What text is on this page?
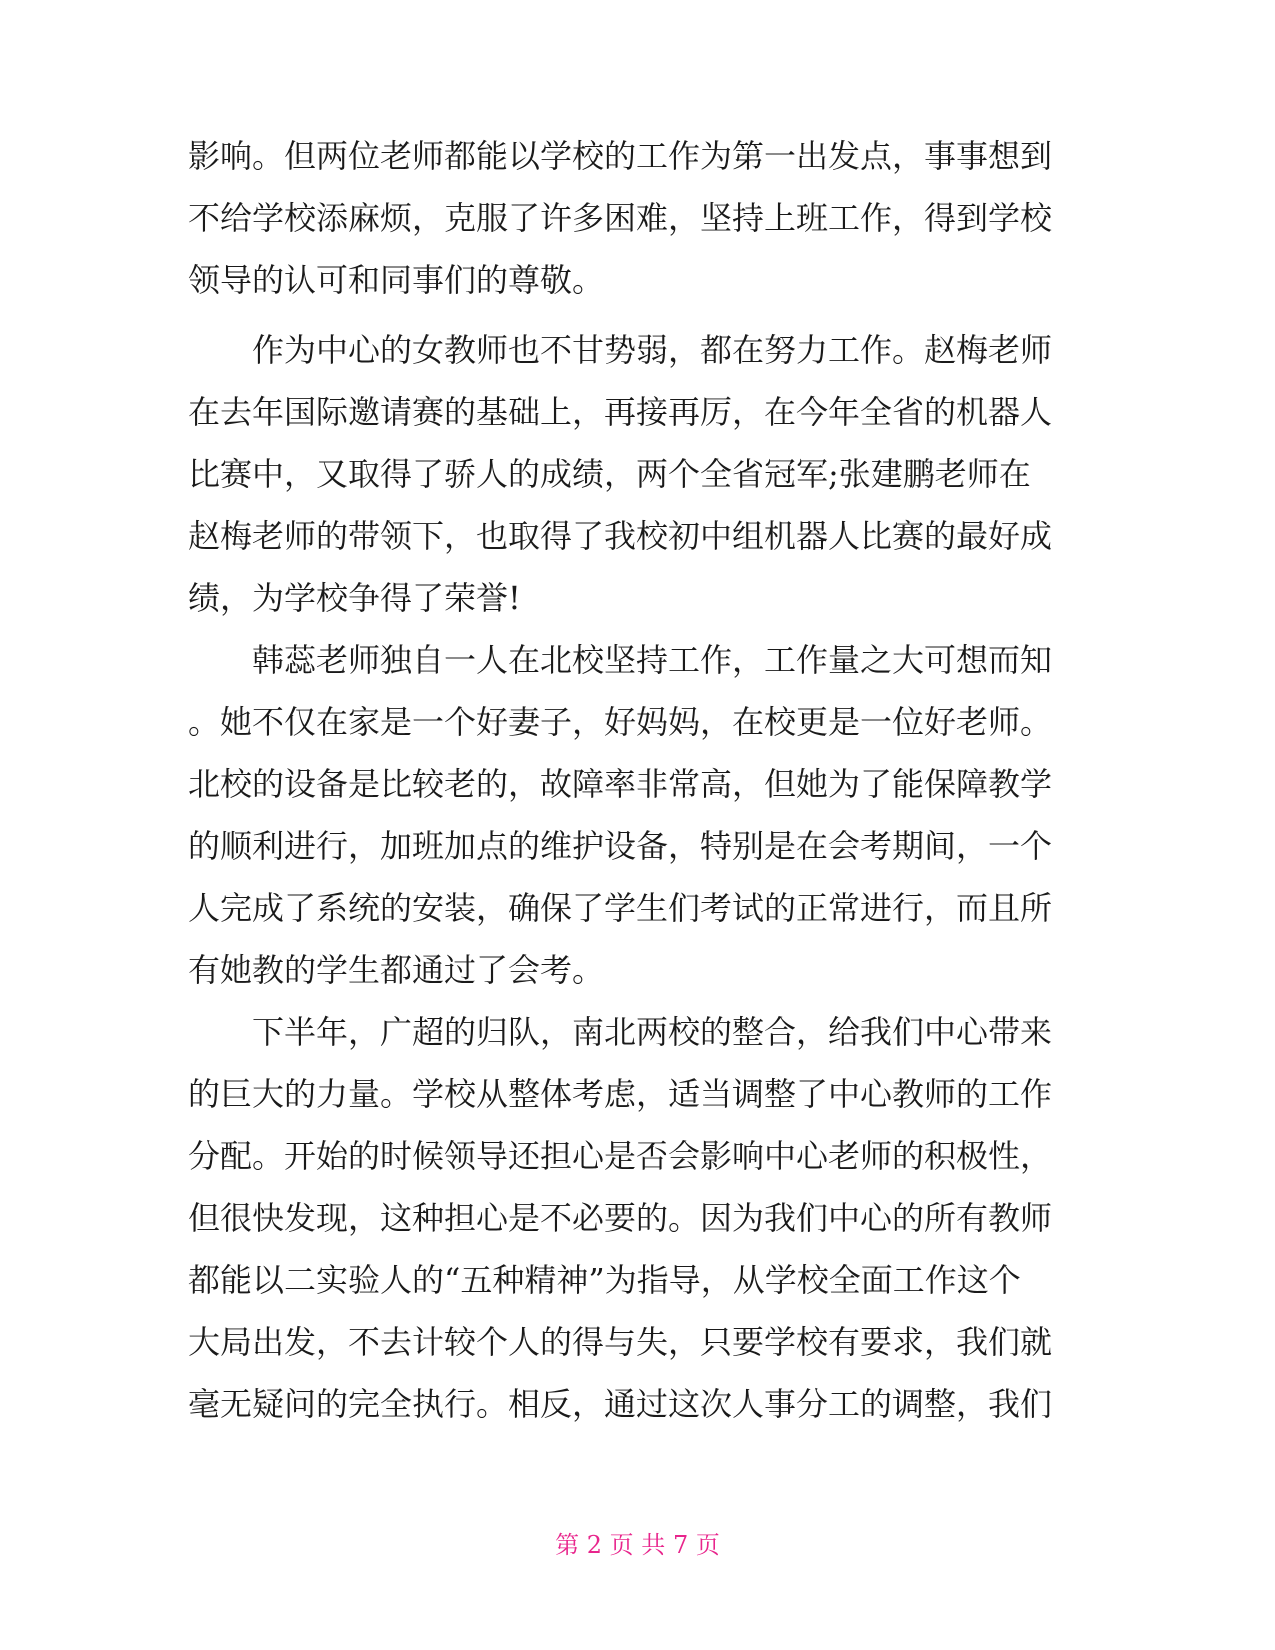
影响。但两位老师都能以学校的工作为第一出发点，事事想到
不给学校添麻烦，克服了许多困难，坚持上班工作，得到学校
领导的认可和同事们的尊敬。
作为中心的女教师也不甘势弱，都在努力工作。赵梅老师
在去年国际邀请赛的基础上，再接再厉，在今年全省的机器人
比赛中，又取得了骄人的成绩，两个全省冠军;张建鹏老师在
赵梅老师的带领下，也取得了我校初中组机器人比赛的最好成
绩，为学校争得了荣誉!
韩蕊老师独自一人在北校坚持工作，工作量之大可想而知
。她不仅在家是一个好妻子，好妈妈，在校更是一位好老师。
北校的设备是比较老的，故障率非常高，但她为了能保障教学
的顺利进行，加班加点的维护设备，特别是在会考期间，一个
人完成了系统的安装，确保了学生们考试的正常进行，而且所
有她教的学生都通过了会考。
下半年，广超的归队，南北两校的整合，给我们中心带来
的巨大的力量。学校从整体考虑，适当调整了中心教师的工作
分配。开始的时候领导还担心是否会影响中心老师的积极性，
但很快发现，这种担心是不必要的。因为我们中心的所有教师
都能以二实验人的“五种精神”为指导，从学校全面工作这个
大局出发，不去计较个人的得与失，只要学校有要求，我们就
毫无疑问的完全执行。相反，通过这次人事分工的调整，我们
第 2 页 共 7 页
